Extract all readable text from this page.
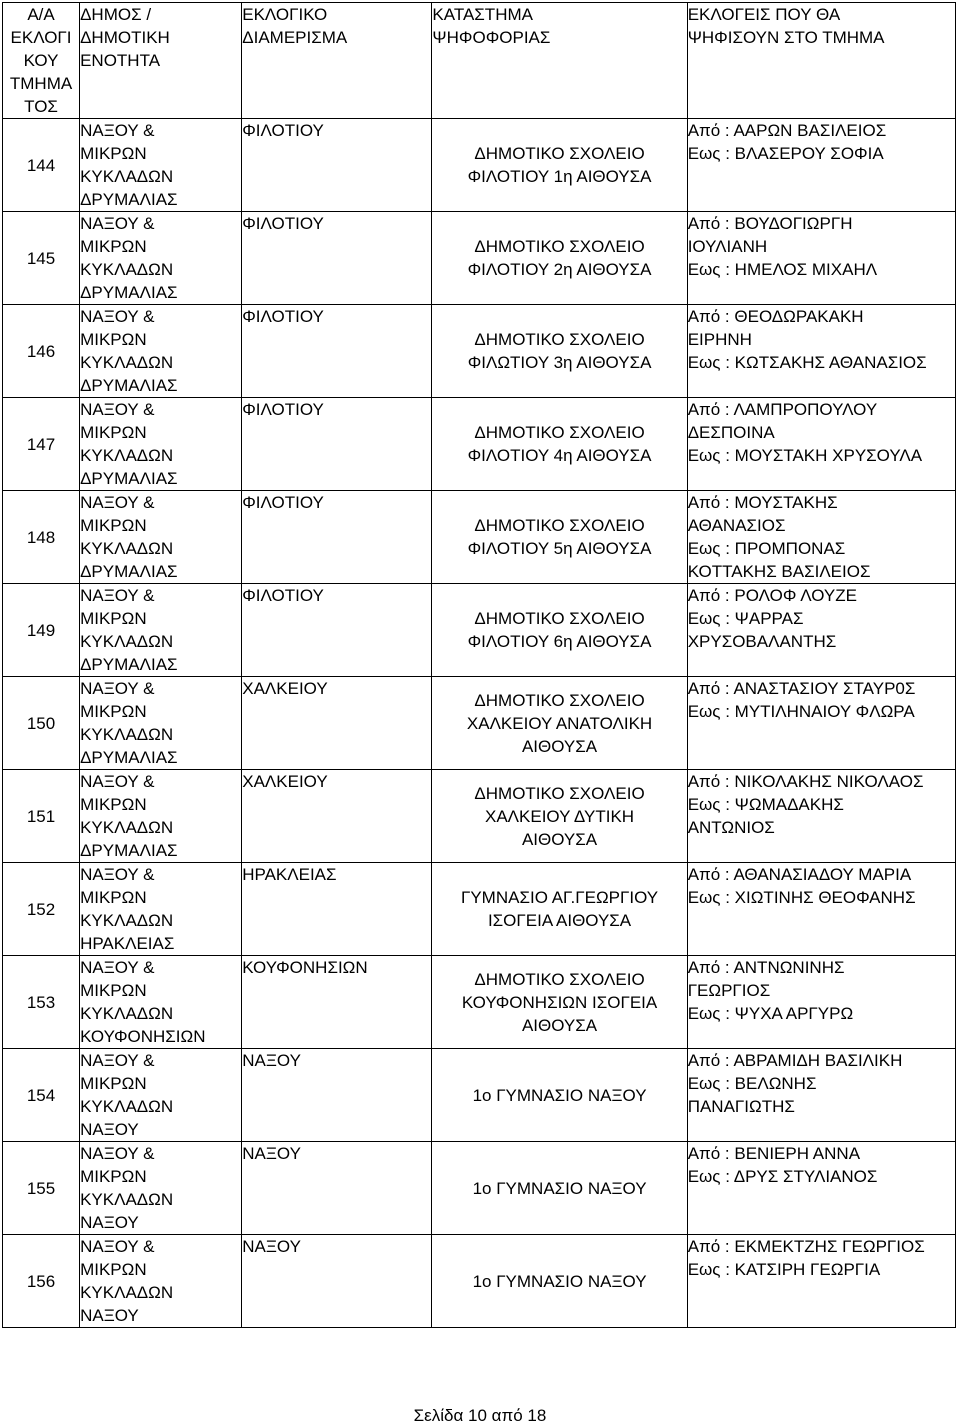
Α/Α
ΕΚΛΟΓΙ
ΚΟΥ
ΤΜΗΜΑ
ΤΟΣ	ΔΗΜΟΣ /
ΔΗΜΟΤΙΚΗ
ΕΝΟΤΗΤΑ	ΕΚΛΟΓΙΚΟ
ΔΙΑΜΕΡΙΣΜΑ	ΚΑΤΑΣΤΗΜΑ
ΨΗΦΟΦΟΡΙΑΣ	ΕΚΛΟΓΕΙΣ ΠΟΥ ΘΑ
ΨΗΦΙΣΟΥΝ ΣΤΟ ΤΜΗΜΑ

144	ΝΑΞΟΥ &
ΜΙΚΡΩΝ
ΚΥΚΛΑΔΩΝ
ΔΡΥΜΑΛΙΑΣ	ΦΙΛΟΤΙΟΥ	ΔΗΜΟΤΙΚΟ ΣΧΟΛΕΙΟ
ΦΙΛΟΤΙΟΥ 1η ΑΙΘΟΥΣΑ	Από : ΑΑΡΩΝ ΒΑΣΙΛΕΙΟΣ
Εως : ΒΛΑΣΕΡΟΥ ΣΟΦΙΑ

145	ΝΑΞΟΥ &
ΜΙΚΡΩΝ
ΚΥΚΛΑΔΩΝ
ΔΡΥΜΑΛΙΑΣ	ΦΙΛΟΤΙΟΥ	ΔΗΜΟΤΙΚΟ ΣΧΟΛΕΙΟ
ΦΙΛΟΤΙΟΥ 2η ΑΙΘΟΥΣΑ	Από : ΒΟΥΔΟΓΙΩΡΓΗ
ΙΟΥΛΙΑΝΗ
Εως : ΗΜΕΛΟΣ ΜΙΧΑΗΛ

146	ΝΑΞΟΥ &
ΜΙΚΡΩΝ
ΚΥΚΛΑΔΩΝ
ΔΡΥΜΑΛΙΑΣ	ΦΙΛΟΤΙΟΥ	ΔΗΜΟΤΙΚΟ ΣΧΟΛΕΙΟ
ΦΙΛΩΤΙΟΥ 3η ΑΙΘΟΥΣΑ	Από : ΘΕΟΔΩΡΑΚΑΚΗ
ΕΙΡΗΝΗ
Εως : ΚΩΤΣΑΚΗΣ ΑΘΑΝΑΣΙΟΣ

147	ΝΑΞΟΥ &
ΜΙΚΡΩΝ
ΚΥΚΛΑΔΩΝ
ΔΡΥΜΑΛΙΑΣ	ΦΙΛΟΤΙΟΥ	ΔΗΜΟΤΙΚΟ ΣΧΟΛΕΙΟ
ΦΙΛΟΤΙΟΥ 4η ΑΙΘΟΥΣΑ	Από : ΛΑΜΠΡΟΠΟΥΛΟΥ
ΔΕΣΠΟΙΝΑ
Εως : ΜΟΥΣΤΑΚΗ ΧΡΥΣΟΥΛΑ

148	ΝΑΞΟΥ &
ΜΙΚΡΩΝ
ΚΥΚΛΑΔΩΝ
ΔΡΥΜΑΛΙΑΣ	ΦΙΛΟΤΙΟΥ	ΔΗΜΟΤΙΚΟ ΣΧΟΛΕΙΟ
ΦΙΛΟΤΙΟΥ 5η ΑΙΘΟΥΣΑ	Από : ΜΟΥΣΤΑΚΗΣ
ΑΘΑΝΑΣΙΟΣ
Εως : ΠΡΟΜΠΟΝΑΣ
ΚΟΤΤΑΚΗΣ ΒΑΣΙΛΕΙΟΣ

149	ΝΑΞΟΥ &
ΜΙΚΡΩΝ
ΚΥΚΛΑΔΩΝ
ΔΡΥΜΑΛΙΑΣ	ΦΙΛΟΤΙΟΥ	ΔΗΜΟΤΙΚΟ ΣΧΟΛΕΙΟ
ΦΙΛΟΤΙΟΥ 6η ΑΙΘΟΥΣΑ	Από : ΡΟΛΟΦ ΛΟΥΖΕ
Εως : ΨΑΡΡΑΣ
ΧΡΥΣΟΒΑΛΑΝΤΗΣ

150	ΝΑΞΟΥ &
ΜΙΚΡΩΝ
ΚΥΚΛΑΔΩΝ
ΔΡΥΜΑΛΙΑΣ	ΧΑΛΚΕΙΟΥ	ΔΗΜΟΤΙΚΟ ΣΧΟΛΕΙΟ
ΧΑΛΚΕΙΟΥ ΑΝΑΤΟΛΙΚΗ
ΑΙΘΟΥΣΑ	Από : ΑΝΑΣΤΑΣΙΟΥ ΣΤΑΥΡ0Σ
Εως : ΜΥΤΙΛΗΝΑΙΟΥ ΦΛΩΡΑ

151	ΝΑΞΟΥ &
ΜΙΚΡΩΝ
ΚΥΚΛΑΔΩΝ
ΔΡΥΜΑΛΙΑΣ	ΧΑΛΚΕΙΟΥ	ΔΗΜΟΤΙΚΟ ΣΧΟΛΕΙΟ
ΧΑΛΚΕΙΟΥ ΔΥΤΙΚΗ
ΑΙΘΟΥΣΑ	Από : ΝΙΚΟΛΑΚΗΣ ΝΙΚΟΛΑΟΣ
Εως : ΨΩΜΑΔΑΚΗΣ
ΑΝΤΩΝΙΟΣ

152	ΝΑΞΟΥ &
ΜΙΚΡΩΝ
ΚΥΚΛΑΔΩΝ
ΗΡΑΚΛΕΙΑΣ	ΗΡΑΚΛΕΙΑΣ	ΓΥΜΝΑΣΙΟ ΑΓ.ΓΕΩΡΓΙΟΥ
ΙΣΟΓΕΙΑ ΑΙΘΟΥΣΑ	Από : ΑΘΑΝΑΣΙΑΔΟΥ ΜΑΡΙΑ
Εως : ΧΙΩΤΙΝΗΣ ΘΕΟΦΑΝΗΣ

153	ΝΑΞΟΥ &
ΜΙΚΡΩΝ
ΚΥΚΛΑΔΩΝ
ΚΟΥΦΟΝΗΣΙΩΝ	ΚΟΥΦΟΝΗΣΙΩΝ	ΔΗΜΟΤΙΚΟ ΣΧΟΛΕΙΟ
ΚΟΥΦΟΝΗΣΙΩΝ ΙΣΟΓΕΙΑ
ΑΙΘΟΥΣΑ	Από : ΑΝΤΝΩΝΙΝΗΣ
ΓΕΩΡΓΙΟΣ
Εως : ΨΥΧΑ ΑΡΓΥΡΩ

154	ΝΑΞΟΥ &
ΜΙΚΡΩΝ
ΚΥΚΛΑΔΩΝ
ΝΑΞΟΥ	ΝΑΞΟΥ	1ο ΓΥΜΝΑΣΙΟ ΝΑΞΟΥ	Από : ΑΒΡΑΜΙΔΗ ΒΑΣΙΛΙΚΗ
Εως : ΒΕΛΩΝΗΣ
ΠΑΝΑΓΙΩΤΗΣ

155	ΝΑΞΟΥ &
ΜΙΚΡΩΝ
ΚΥΚΛΑΔΩΝ
ΝΑΞΟΥ	ΝΑΞΟΥ	1ο ΓΥΜΝΑΣΙΟ ΝΑΞΟΥ	Από : ΒΕΝΙΕΡΗ ΑΝΝΑ
Εως : ΔΡΥΣ ΣΤΥΛΙΑΝΟΣ

156	ΝΑΞΟΥ &
ΜΙΚΡΩΝ
ΚΥΚΛΑΔΩΝ
ΝΑΞΟΥ	ΝΑΞΟΥ	1ο ΓΥΜΝΑΣΙΟ ΝΑΞΟΥ	Από : ΕΚΜΕΚΤΖΗΣ ΓΕΩΡΓΙΟΣ
Εως : ΚΑΤΣΙΡΗ ΓΕΩΡΓΙΑ
Σελίδα 10 από 18
